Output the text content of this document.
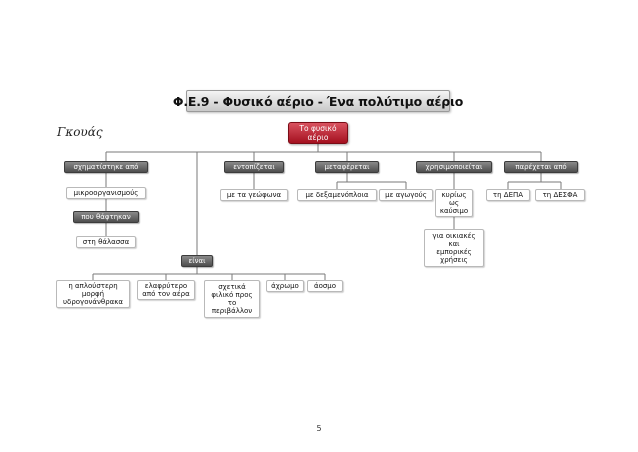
Φ.Ε.9 - Φυσικό αέριο - Ένα πολύτιμο αέριο
Γκουάς	Το φυσικό
αέριο
σχηματίστηκε από	εντοπίζεται	μεταφέρεται	χρησιμοποιείται	παρέχεται από
είναι
μικροοργανισμούς
που θάφτηκαν
στη θάλασσα
με τα γεώφωνα	με δεξαμενόπλοια	με αγωγούς	κυρίως
ως
καύσιμο
για οικιακές
και
εμπορικές
χρήσεις
τη ΔΕΠΑ	τη ΔΕΣΦΑ
η απλούστερη
μορφή
υδρογονάνθρακα
ελαφρύτερο
από τον αέρα
σχετικά
φιλικό προς
το
περιβάλλον
άχρωμο	άοσμο
5
